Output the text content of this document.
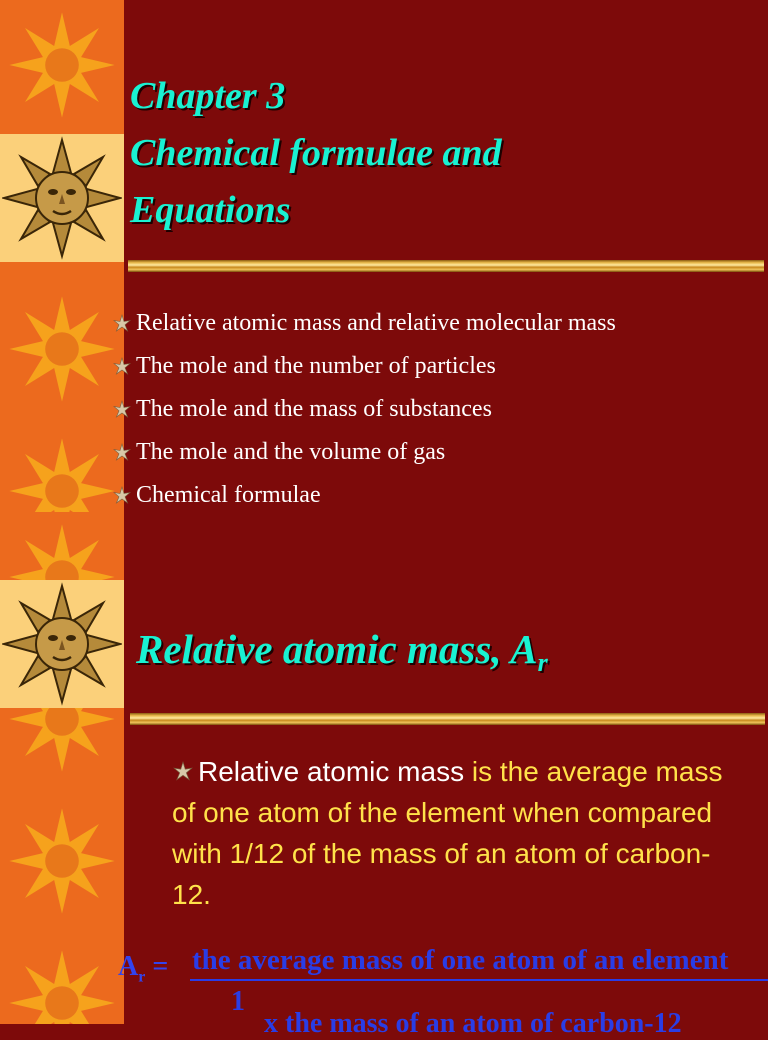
Chapter 3
Chemical formulae and
Equations
Relative atomic mass and relative molecular mass
The mole and the number of particles
The mole and the mass of substances
The mole and the volume of gas
Chemical formulae
Relative atomic mass, $A_r$

Relative atomic mass is the average mass of one atom of the element when compared with 1/12 of the mass of an atom of carbon-12.

$A_r$ = the average mass of one atom of an element
1
x the mass of an atom of carbon-12
